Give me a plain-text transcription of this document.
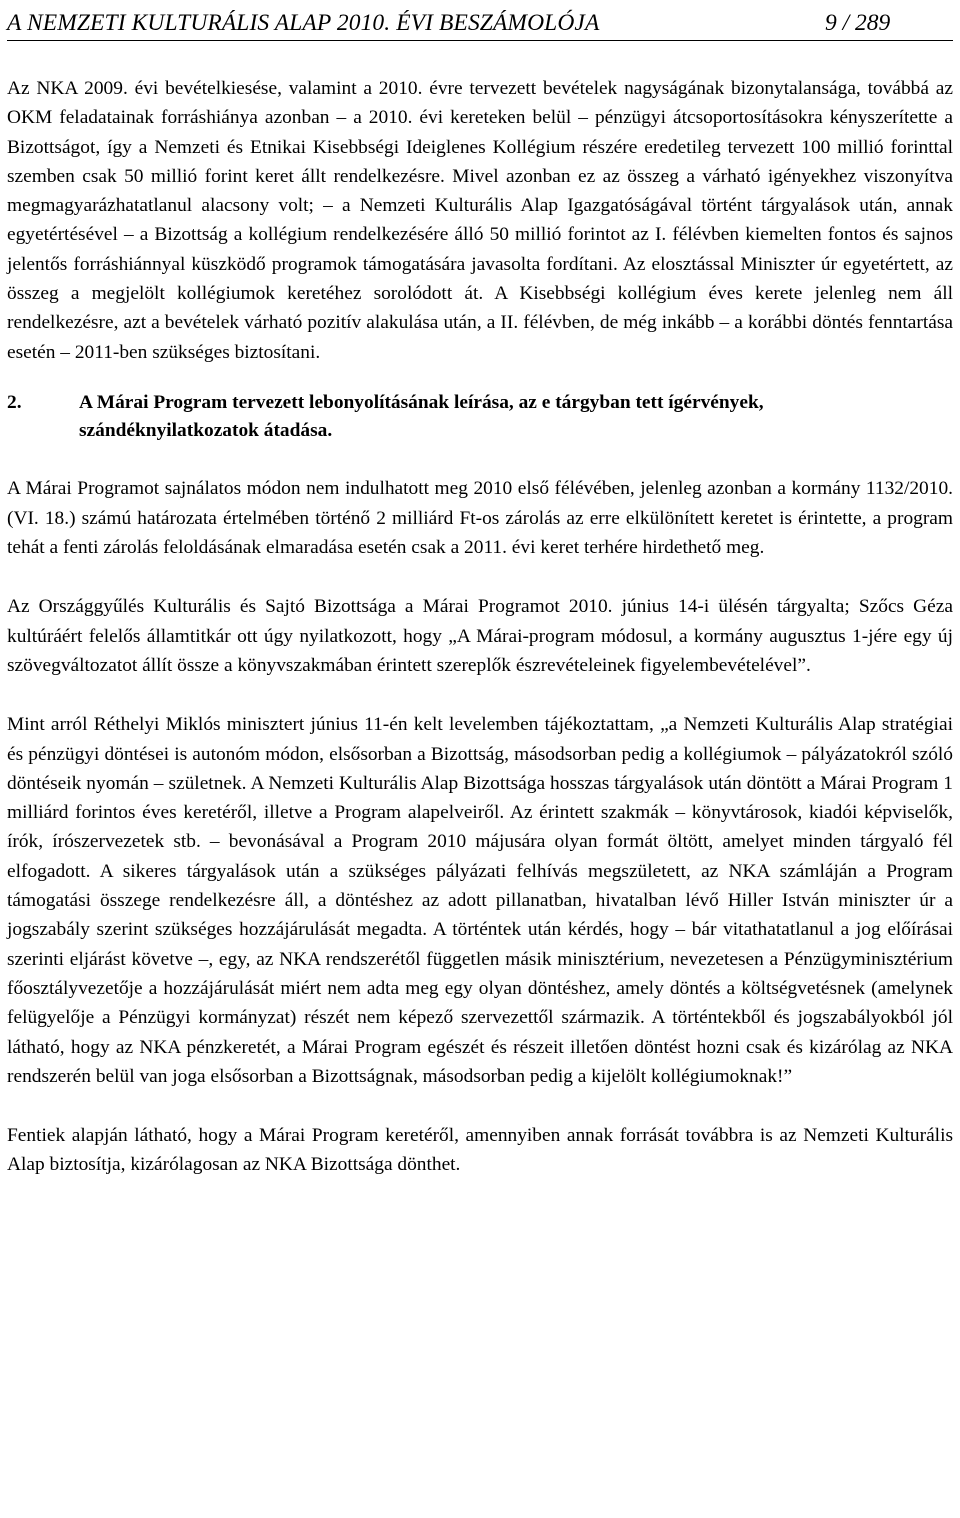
A NEMZETI KULTURÁLIS ALAP 2010. ÉVI BESZÁMOLÓJA	9 / 289

Az NKA 2009. évi bevételkiesése, valamint a 2010. évre tervezett bevételek nagyságának bizonytalansága, továbbá az OKM feladatainak forráshiánya azonban – a 2010. évi kereteken belül – pénzügyi átcsoportosításokra kényszerítette a Bizottságot, így a Nemzeti és Etnikai Kisebbségi Ideiglenes Kollégium részére eredetileg tervezett 100 millió forinttal szemben csak 50 millió forint keret állt rendelkezésre. Mivel azonban ez az összeg a várható igényekhez viszonyítva megmagyarázhatatlanul alacsony volt; – a Nemzeti Kulturális Alap Igazgatóságával történt tárgyalások után, annak egyetértésével – a Bizottság a kollégium rendelkezésére álló 50 millió forintot az I. félévben kiemelten fontos és sajnos jelentős forráshiánnyal küszködő programok támogatására javasolta fordítani. Az elosztással Miniszter úr egyetértett, az összeg a megjelölt kollégiumok keretéhez sorolódott át. A Kisebbségi kollégium éves kerete jelenleg nem áll rendelkezésre, azt a bevételek várható pozitív alakulása után, a II. félévben, de még inkább – a korábbi döntés fenntartása esetén – 2011-ben szükséges biztosítani.

2.	A Márai Program tervezett lebonyolításának leírása, az e tárgyban tett ígérvények, szándéknyilatkozatok átadása.

A Márai Programot sajnálatos módon nem indulhatott meg 2010 első félévében, jelenleg azonban a kormány 1132/2010. (VI. 18.) számú határozata értelmében történő 2 milliárd Ft-os zárolás az erre elkülönített keretet is érintette, a program tehát a fenti zárolás feloldásának elmaradása esetén csak a 2011. évi keret terhére hirdethető meg.

Az Országgyűlés Kulturális és Sajtó Bizottsága a Márai Programot 2010. június 14-i ülésén tárgyalta; Szőcs Géza kultúráért felelős államtitkár ott úgy nyilatkozott, hogy „A Márai-program módosul, a kormány augusztus 1-jére egy új szövegváltozatot állít össze a könyvszakmában érintett szereplők észrevételeinek figyelembevételével”.

Mint arról Réthelyi Miklós minisztert június 11-én kelt levelemben tájékoztattam, „a Nemzeti Kulturális Alap stratégiai és pénzügyi döntései is autonóm módon, elsősorban a Bizottság, másodsorban pedig a kollégiumok – pályázatokról szóló döntéseik nyomán – születnek. A Nemzeti Kulturális Alap Bizottsága hosszas tárgyalások után döntött a Márai Program 1 milliárd forintos éves keretéről, illetve a Program alapelveiről. Az érintett szakmák – könyvtárosok, kiadói képviselők, írók, írószervezetek stb. – bevonásával a Program 2010 májusára olyan formát öltött, amelyet minden tárgyaló fél elfogadott. A sikeres tárgyalások után a szükséges pályázati felhívás megszületett, az NKA számláján a Program támogatási összege rendelkezésre áll, a döntéshez az adott pillanatban, hivatalban lévő Hiller István miniszter úr a jogszabály szerint szükséges hozzájárulását megadta. A történtek után kérdés, hogy – bár vitathatatlanul a jog előírásai szerinti eljárást követve –, egy, az NKA rendszerétől független másik minisztérium, nevezetesen a Pénzügyminisztérium főosztályvezetője a hozzájárulását miért nem adta meg egy olyan döntéshez, amely döntés a költségvetésnek (amelynek felügyelője a Pénzügyi kormányzat) részét nem képező szervezettől származik. A történtekből és jogszabályokból jól látható, hogy az NKA pénzkeretét, a Márai Program egészét és részeit illetően döntést hozni csak és kizárólag az NKA rendszerén belül van joga elsősorban a Bizottságnak, másodsorban pedig a kijelölt kollégiumoknak!”

Fentiek alapján látható, hogy a Márai Program keretéről, amennyiben annak forrását továbbra is az Nemzeti Kulturális Alap biztosítja, kizárólagosan az NKA Bizottsága dönthet.
